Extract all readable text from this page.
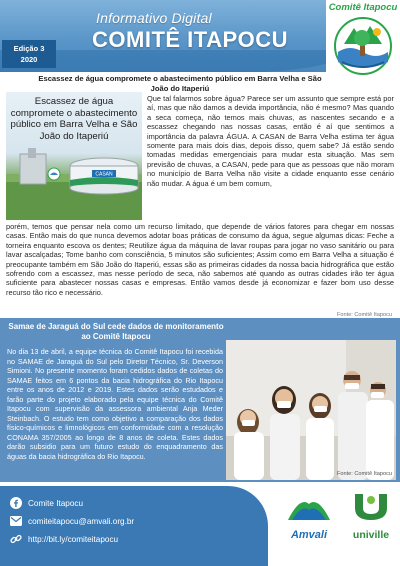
Informativo Digital
COMITÊ ITAPOCU
Edição 3
2020
Comitê Itapocu
Escassez de água compromete o abastecimento público em Barra Velha e São João do Itaperiú
Escassez de água compromete o abastecimento público em Barra Velha e São João do Itaperiú
CASAN
Que tal falarmos sobre água? Parece ser um assunto que sempre está por aí, mas que não damos a devida importância, não é mesmo? Mas quando a seca começa, não temos mais chuvas, as nascentes secando e a escassez chegando nas nossas casas, então é aí que sentimos a importância da palavra ÁGUA. A CASAN de Barra Velha estima ter água somente para mais dois dias, depois disso, quem sabe? Já estão sendo tomadas medidas emergenciais para mudar esta situação. Mas sem previsão de chuvas, a CASAN, pede para que as pessoas que não moram no município de Barra Velha não visite a cidade enquanto esse cenário não mudar. A água é um bem comum,
porém, temos que pensar nela como um recurso limitado, que depende de vários fatores para chegar em nossas casas. Então mais do que nunca devemos adotar boas práticas de consumo da água, segue algumas dicas: Feche a torneira enquanto escova os dentes; Reutilize água da máquina de lavar roupas para jogar no vaso sanitário ou para lavar ascalçadas; Tome banho com consciência, 5 minutos são suficientes; Assim como em Barra Velha a situação é preocupante também em São João do Itaperiú, essas são as primeiras cidades da nossa bacia hidrográfica que estão sofrendo com a escassez, mas nesse período de seca, não sabemos até quando as outras cidades irão ter água suficiente para abastecer nossas casas e empresas. Então vamos desde já economizar e fazer bom uso desse recurso tão rico e necessário.
Fonte: Comitê Itapocu
Samae de Jaraguá do Sul cede dados de monitoramento ao Comitê Itapocu
No dia 13 de abril, a equipe técnica do Comitê Itapocu foi recebida no SAMAE de Jaraguá do Sul pelo Diretor Técnico, Sr. Deverson Simioni. No presente momento foram cedidos dados de coletas do SAMAE feitos em 6 pontos da bacia hidrográfica do Rio Itapocu entre os anos de 2012 e 2019. Estes dados serão estudados e farão parte do projeto elaborado pela equipe técnica do Comitê Itapocu com supervisão da assessora ambiental Anja Meder Steinbach. O estudo tem como objetivo a comparação dos dados físico-químicos e limnológicos em conformidade com a resolução CONAMA 357/2005 ao longo de 8 anos de coleta. Estes dados darão subsidio para um futuro estudo do enquadramento das águas da bacia hidrográfica do Rio Itapocu.
Fonte: Comitê Itapocu
Comite Itapocu
comiteitapocu@amvali.org.br
http://bit.ly/comiteitapocu	Amvali	univille
